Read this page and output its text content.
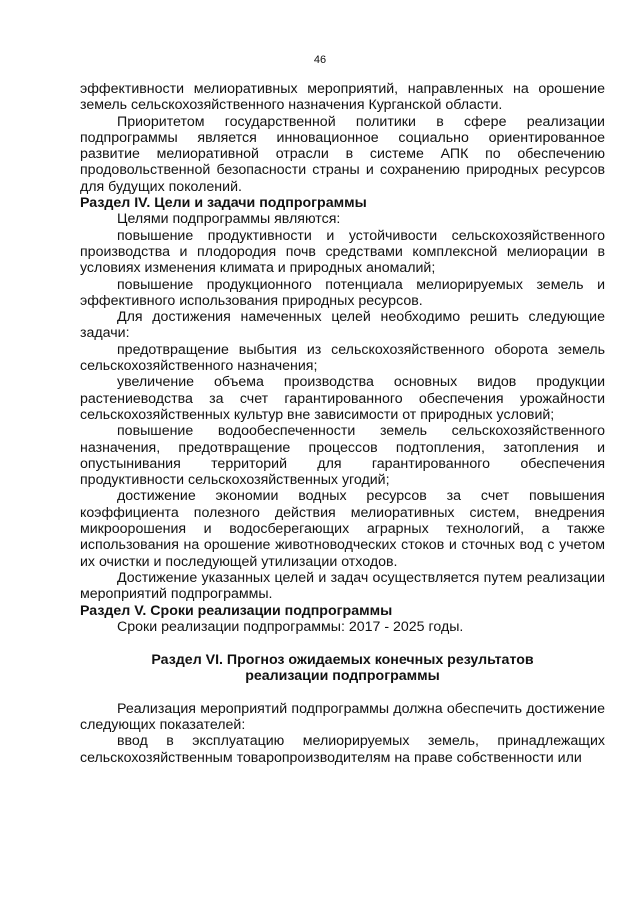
46

эффективности мелиоративных мероприятий, направленных на орошение земель сельскохозяйственного назначения Курганской области.

Приоритетом государственной политики в сфере реализации подпрограммы является инновационное социально ориентированное развитие мелиоративной отрасли в системе АПК по обеспечению продовольственной безопасности страны и сохранению природных ресурсов для будущих поколений.

Раздел IV. Цели и задачи подпрограммы

Целями подпрограммы являются:

повышение продуктивности и устойчивости сельскохозяйственного производства и плодородия почв средствами комплексной мелиорации в условиях изменения климата и природных аномалий;

повышение продукционного потенциала мелиорируемых земель и эффективного использования природных ресурсов.

Для достижения намеченных целей необходимо решить следующие задачи:

предотвращение выбытия из сельскохозяйственного оборота земель сельскохозяйственного назначения;

увеличение объема производства основных видов продукции растениеводства за счет гарантированного обеспечения урожайности сельскохозяйственных культур вне зависимости от природных условий;

повышение водообеспеченности земель сельскохозяйственного назначения, предотвращение процессов подтопления, затопления и опустынивания территорий для гарантированного обеспечения продуктивности сельскохозяйственных угодий;

достижение экономии водных ресурсов за счет повышения коэффициента полезного действия мелиоративных систем, внедрения микроорошения и водосберегающих аграрных технологий, а также использования на орошение животноводческих стоков и сточных вод с учетом их очистки и последующей утилизации отходов.

Достижение указанных целей и задач осуществляется путем реализации мероприятий подпрограммы.

Раздел V. Сроки реализации подпрограммы

Сроки реализации подпрограммы: 2017 - 2025 годы.

Раздел VI. Прогноз ожидаемых конечных результатов
реализации подпрограммы

Реализация мероприятий подпрограммы должна обеспечить достижение следующих показателей:

ввод в эксплуатацию мелиорируемых земель, принадлежащих сельскохозяйственным товаропроизводителям на праве собственности или
